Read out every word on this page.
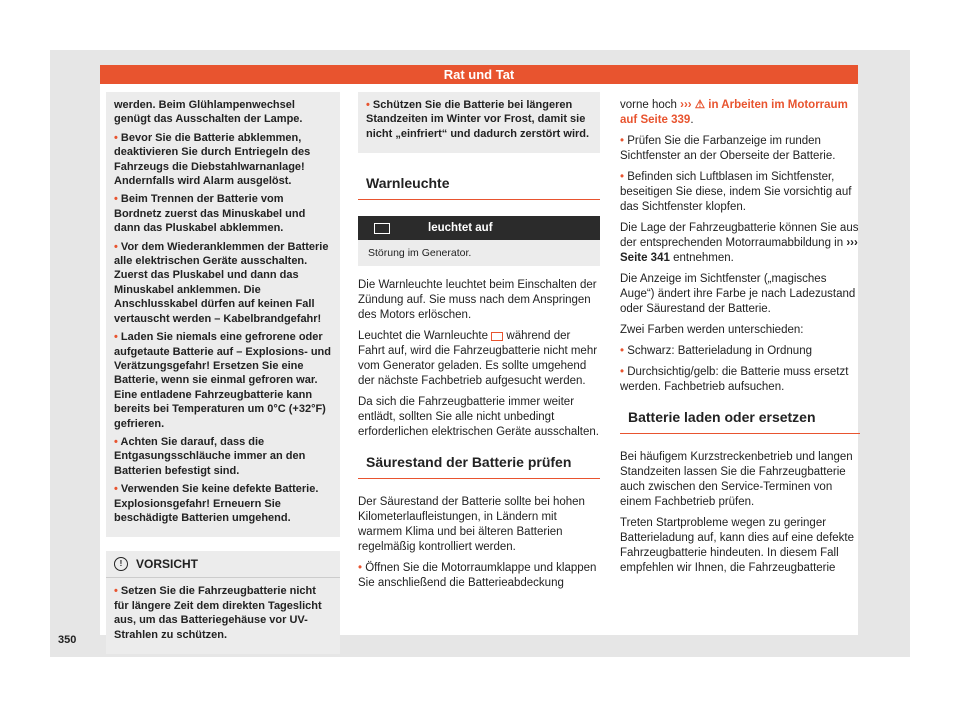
Rat und Tat

werden. Beim Glühlampenwechsel genügt das Ausschalten der Lampe.

• Bevor Sie die Batterie abklemmen, deaktivieren Sie durch Entriegeln des Fahrzeugs die Diebstahlwarnanlage! Andernfalls wird Alarm ausgelöst.

• Beim Trennen der Batterie vom Bordnetz zuerst das Minuskabel und dann das Pluskabel abklemmen.

• Vor dem Wiederanklemmen der Batterie alle elektrischen Geräte ausschalten. Zuerst das Pluskabel und dann das Minuskabel anklemmen. Die Anschlusskabel dürfen auf keinen Fall vertauscht werden – Kabelbrandgefahr!

• Laden Sie niemals eine gefrorene oder aufgetaute Batterie auf – Explosions- und Verätzungsgefahr! Ersetzen Sie eine Batterie, wenn sie einmal gefroren war. Eine entladene Fahrzeugbatterie kann bereits bei Temperaturen um 0°C (+32°F) gefrieren.

• Achten Sie darauf, dass die Entgasungsschläuche immer an den Batterien befestigt sind.

• Verwenden Sie keine defekte Batterie. Explosionsgefahr! Erneuern Sie beschädigte Batterien umgehend.

!	VORSICHT

• Setzen Sie die Fahrzeugbatterie nicht für längere Zeit dem direkten Tageslicht aus, um das Batteriegehäuse vor UV-Strahlen zu schützen.

• Schützen Sie die Batterie bei längeren Standzeiten im Winter vor Frost, damit sie nicht „einfriert“ und dadurch zerstört wird.

Warnleuchte
leuchtet auf
Störung im Generator.

Die Warnleuchte leuchtet beim Einschalten der Zündung auf. Sie muss nach dem Anspringen des Motors erlöschen.

Leuchtet die Warnleuchte während der Fahrt auf, wird die Fahrzeugbatterie nicht mehr vom Generator geladen. Es sollte umgehend der nächste Fachbetrieb aufgesucht werden.

Da sich die Fahrzeugbatterie immer weiter entlädt, sollten Sie alle nicht unbedingt erforderlichen elektrischen Geräte ausschalten.

Säurestand der Batterie prüfen

Der Säurestand der Batterie sollte bei hohen Kilometerlaufleistungen, in Ländern mit warmem Klima und bei älteren Batterien regelmäßig kontrolliert werden.

• Öffnen Sie die Motorraumklappe und klappen Sie anschließend die Batterieabdeckung

vorne hoch ››› ⚠ in Arbeiten im Motorraum auf Seite 339.

• Prüfen Sie die Farbanzeige im runden Sichtfenster an der Oberseite der Batterie.

• Befinden sich Luftblasen im Sichtfenster, beseitigen Sie diese, indem Sie vorsichtig auf das Sichtfenster klopfen.

Die Lage der Fahrzeugbatterie können Sie aus der entsprechenden Motorraumabbildung in ››› Seite 341 entnehmen.

Die Anzeige im Sichtfenster („magisches Auge“) ändert ihre Farbe je nach Ladezustand oder Säurestand der Batterie.

Zwei Farben werden unterschieden:

• Schwarz: Batterieladung in Ordnung

• Durchsichtig/gelb: die Batterie muss ersetzt werden. Fachbetrieb aufsuchen.

Batterie laden oder ersetzen

Bei häufigem Kurzstreckenbetrieb und langen Standzeiten lassen Sie die Fahrzeugbatterie auch zwischen den Service-Terminen von einem Fachbetrieb prüfen.

Treten Startprobleme wegen zu geringer Batterieladung auf, kann dies auf eine defekte Fahrzeugbatterie hindeuten. In diesem Fall empfehlen wir Ihnen, die Fahrzeugbatterie

350
